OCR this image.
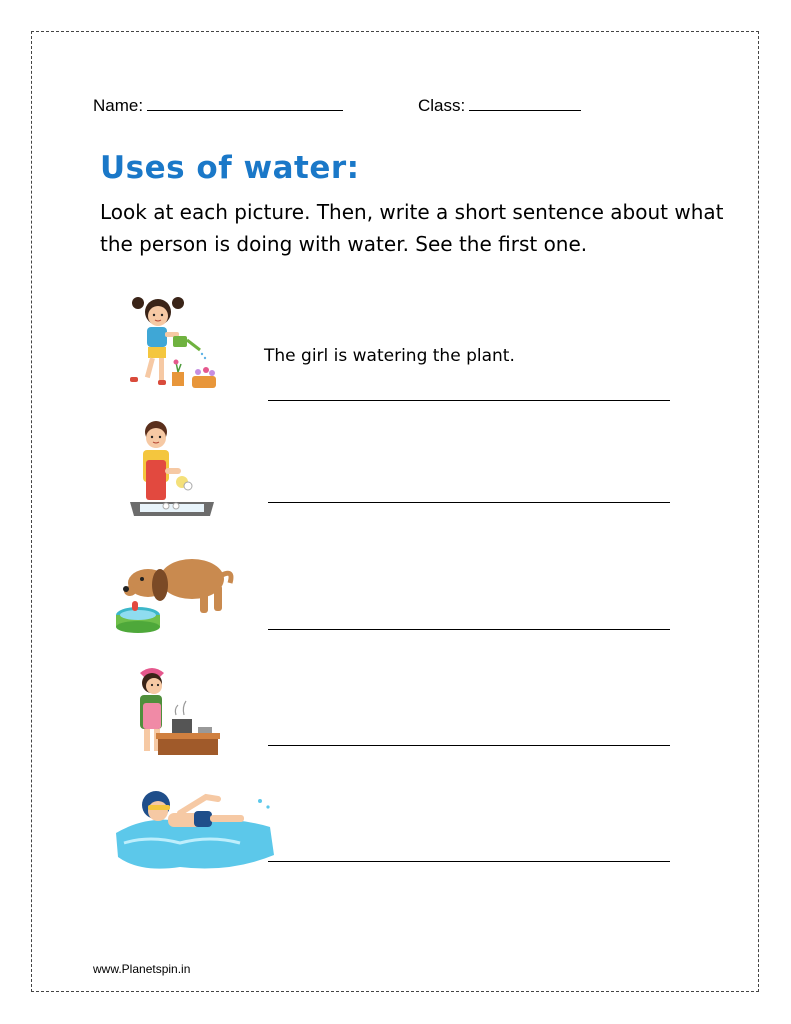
Name:	Class:
Uses of water:

Look at each picture. Then, write a short sentence about what the person is doing with water. See the first one.

The girl is watering the plant.
www.Planetspin.in
